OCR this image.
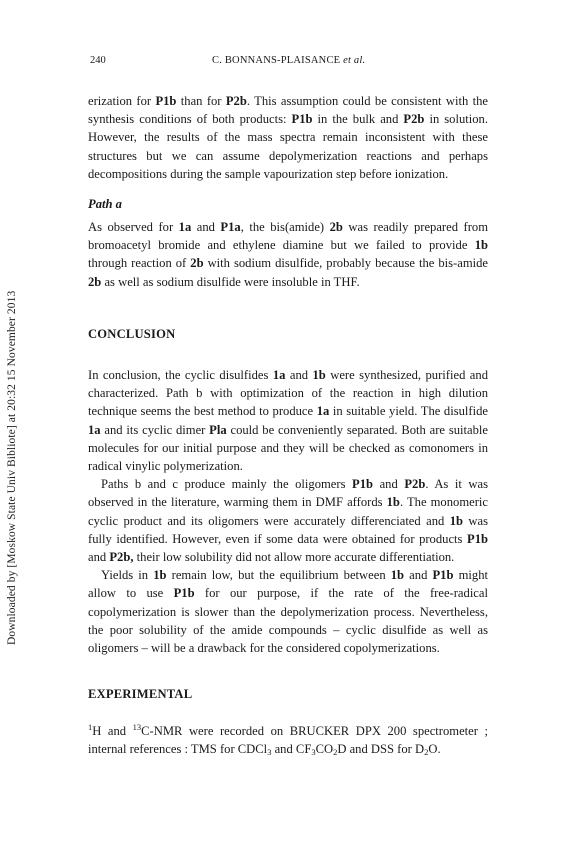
Downloaded by [Moskow State Univ Bibliote] at 20:32 15 November 2013
240	C. BONNANS-PLAISANCE et al.

erization for P1b than for P2b. This assumption could be consistent with the synthesis conditions of both products: P1b in the bulk and P2b in solution. However, the results of the mass spectra remain inconsistent with these structures but we can assume depolymerization reactions and perhaps decompositions during the sample vapourization step before ionization.

Path a

As observed for 1a and P1a, the bis(amide) 2b was readily prepared from bromoacetyl bromide and ethylene diamine but we failed to provide 1b through reaction of 2b with sodium disulfide, probably because the bis-amide 2b as well as sodium disulfide were insoluble in THF.

CONCLUSION

In conclusion, the cyclic disulfides 1a and 1b were synthesized, purified and characterized. Path b with optimization of the reaction in high dilution technique seems the best method to produce 1a in suitable yield. The disulfide 1a and its cyclic dimer Pla could be conveniently separated. Both are suitable molecules for our initial purpose and they will be checked as comonomers in radical vinylic polymerization.

Paths b and c produce mainly the oligomers P1b and P2b. As it was observed in the literature, warming them in DMF affords 1b. The monomeric cyclic product and its oligomers were accurately differenciated and 1b was fully identified. However, even if some data were obtained for products P1b and P2b, their low solubility did not allow more accurate differentiation.

Yields in 1b remain low, but the equilibrium between 1b and P1b might allow to use P1b for our purpose, if the rate of the free-radical copolymerization is slower than the depolymerization process. Nevertheless, the poor solubility of the amide compounds – cyclic disulfide as well as oligomers – will be a drawback for the considered copolymerizations.

EXPERIMENTAL

$^1$H and $^{13}$C-NMR were recorded on BRUCKER DPX 200 spectrometer ; internal references : TMS for CDCl$_3$ and $CF_3CO_2D$ and DSS for $D_2O$.
